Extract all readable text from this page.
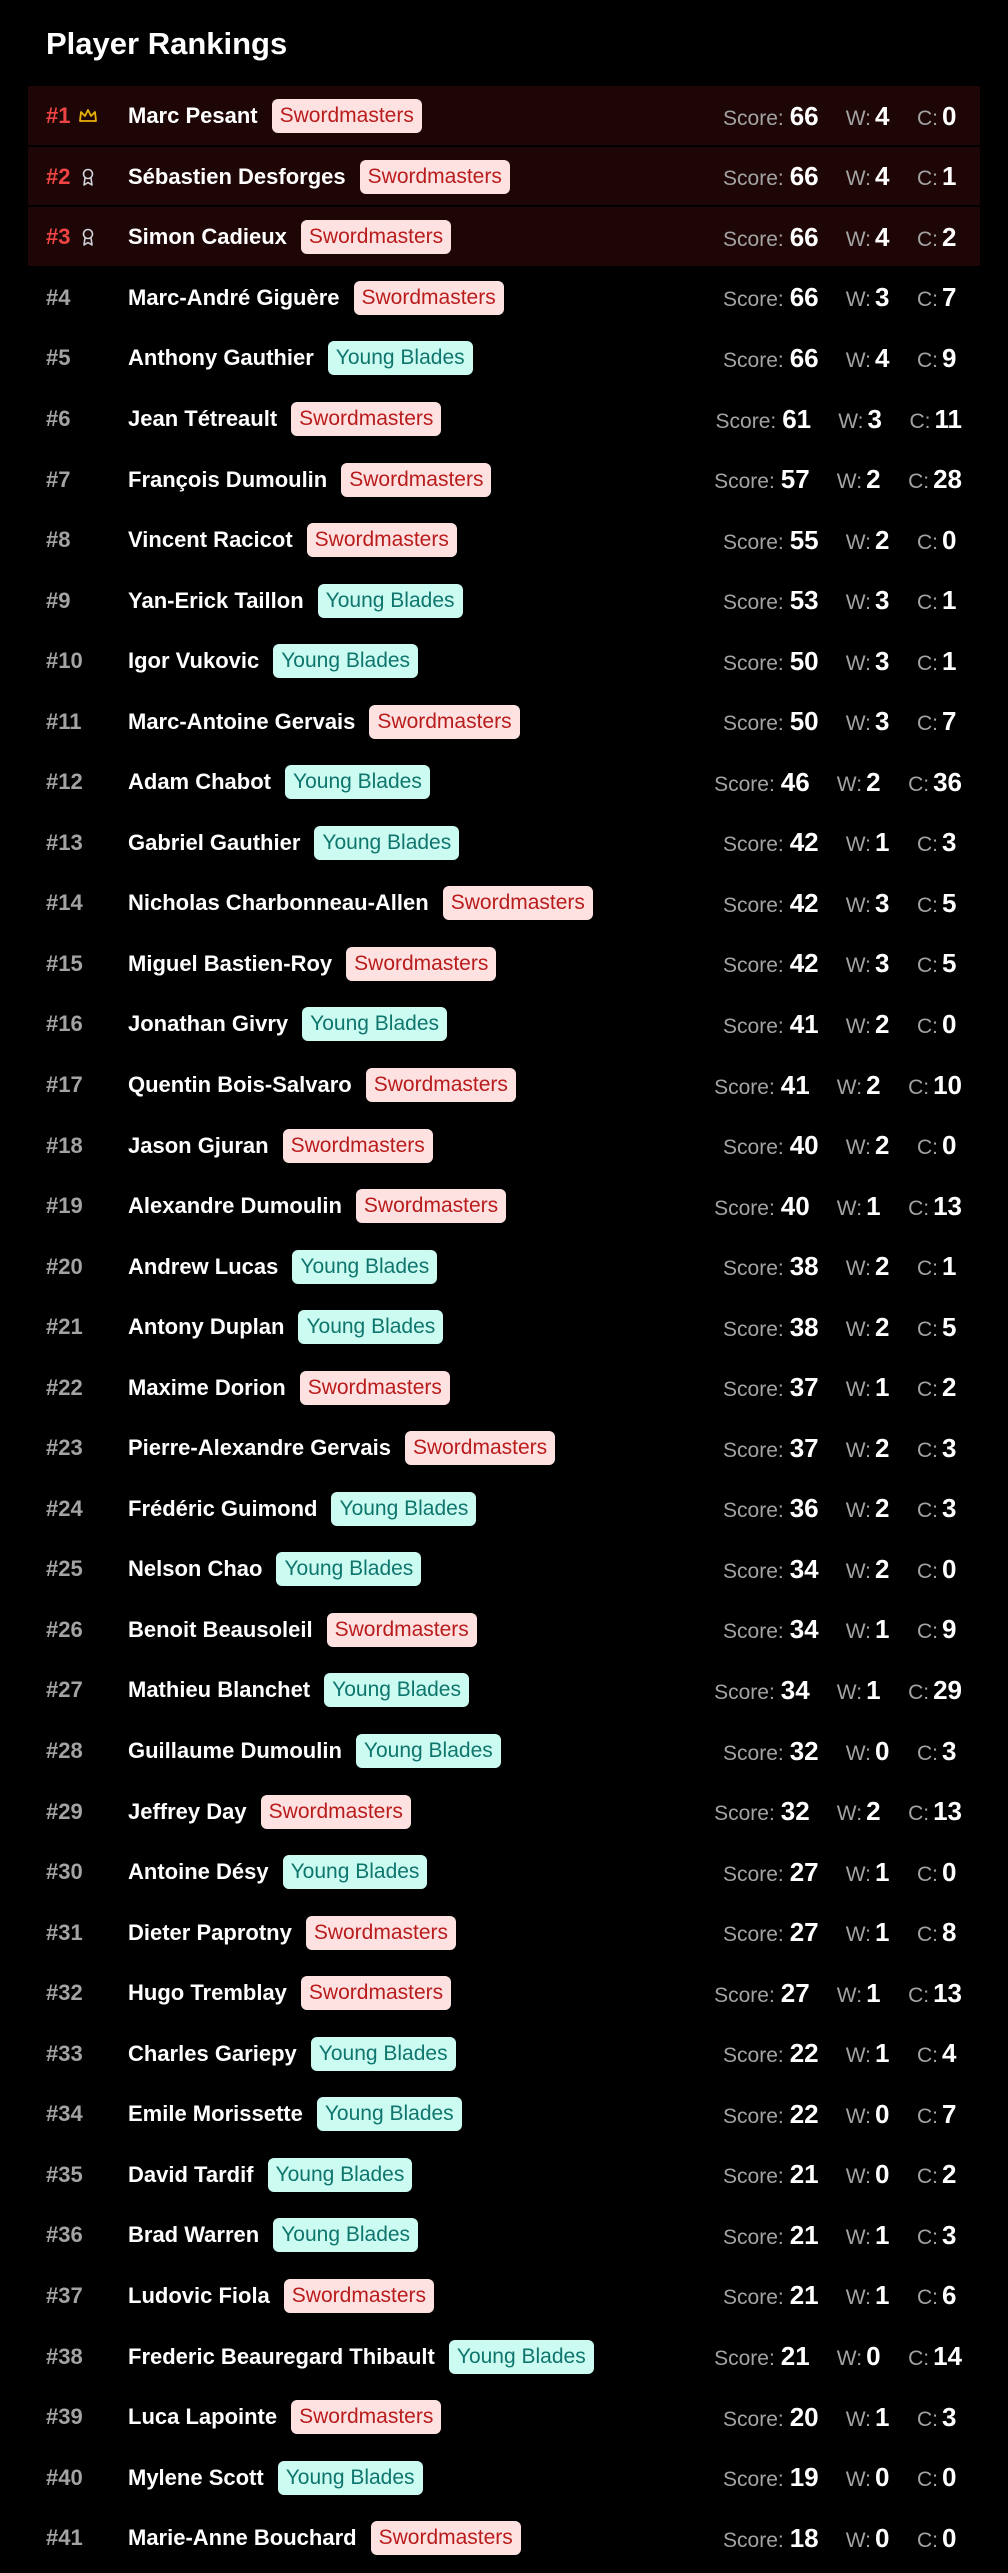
Player Rankings
#1	Marc Pesant	Swordmasters	Score: 66	W: 4	C: 0
#2	Sébastien Desforges	Swordmasters	Score: 66	W: 4	C: 1
#3	Simon Cadieux	Swordmasters	Score: 66	W: 4	C: 2
#4	Marc-André Giguère	Swordmasters	Score: 66	W: 3	C: 7
#5	Anthony Gauthier	Young Blades	Score: 66	W: 4	C: 9
#6	Jean Tétreault	Swordmasters	Score: 61	W: 3	C: 11
#7	François Dumoulin	Swordmasters	Score: 57	W: 2	C: 28
#8	Vincent Racicot	Swordmasters	Score: 55	W: 2	C: 0
#9	Yan-Erick Taillon	Young Blades	Score: 53	W: 3	C: 1
#10 Igor Vukovic	Young Blades	Score: 50	W: 3	C: 1
#11 Marc-Antoine Gervais	Swordmasters	Score: 50	W: 3	C: 7
#12 Adam Chabot	Young Blades	Score: 46	W: 2	C: 36
#13 Gabriel Gauthier	Young Blades	Score: 42	W: 1	C: 3
#14 Nicholas Charbonneau-Allen	Swordmasters	Score: 42	W: 3	C: 5
#15 Miguel Bastien-Roy	Swordmasters	Score: 42	W: 3	C: 5
#16 Jonathan Givry	Young Blades	Score: 41	W: 2	C: 0
#17 Quentin Bois-Salvaro	Swordmasters	Score: 41	W: 2	C: 10
#18 Jason Gjuran	Swordmasters	Score: 40	W: 2	C: 0
#19 Alexandre Dumoulin	Swordmasters	Score: 40	W: 1	C: 13
#20 Andrew Lucas	Young Blades	Score: 38	W: 2	C: 1
#21 Antony Duplan	Young Blades	Score: 38	W: 2	C: 5
#22 Maxime Dorion	Swordmasters	Score: 37	W: 1	C: 2
#23 Pierre-Alexandre Gervais	Swordmasters	Score: 37	W: 2	C: 3
#24 Frédéric Guimond	Young Blades	Score: 36	W: 2	C: 3
#25 Nelson Chao	Young Blades	Score: 34	W: 2	C: 0
#26 Benoit Beausoleil	Swordmasters	Score: 34	W: 1	C: 9
#27 Mathieu Blanchet	Young Blades	Score: 34	W: 1	C: 29
#28 Guillaume Dumoulin	Young Blades	Score: 32	W: 0	C: 3
#29 Jeffrey Day	Swordmasters	Score: 32	W: 2	C: 13
#30 Antoine Désy	Young Blades	Score: 27	W: 1	C: 0
#31 Dieter Paprotny	Swordmasters	Score: 27	W: 1	C: 8
#32 Hugo Tremblay	Swordmasters	Score: 27	W: 1	C: 13
#33 Charles Gariepy	Young Blades	Score: 22	W: 1	C: 4
#34 Emile Morissette	Young Blades	Score: 22	W: 0	C: 7
#35 David Tardif	Young Blades	Score: 21	W: 0	C: 2
#36 Brad Warren	Young Blades	Score: 21	W: 1	C: 3
#37 Ludovic Fiola	Swordmasters	Score: 21	W: 1	C: 6
#38 Frederic Beauregard Thibault	Young Blades	Score: 21	W: 0	C: 14
#39 Luca Lapointe	Swordmasters	Score: 20	W: 1	C: 3
#40 Mylene Scott	Young Blades	Score: 19	W: 0	C: 0
#41 Marie-Anne Bouchard	Swordmasters	Score: 18	W: 0	C: 0
